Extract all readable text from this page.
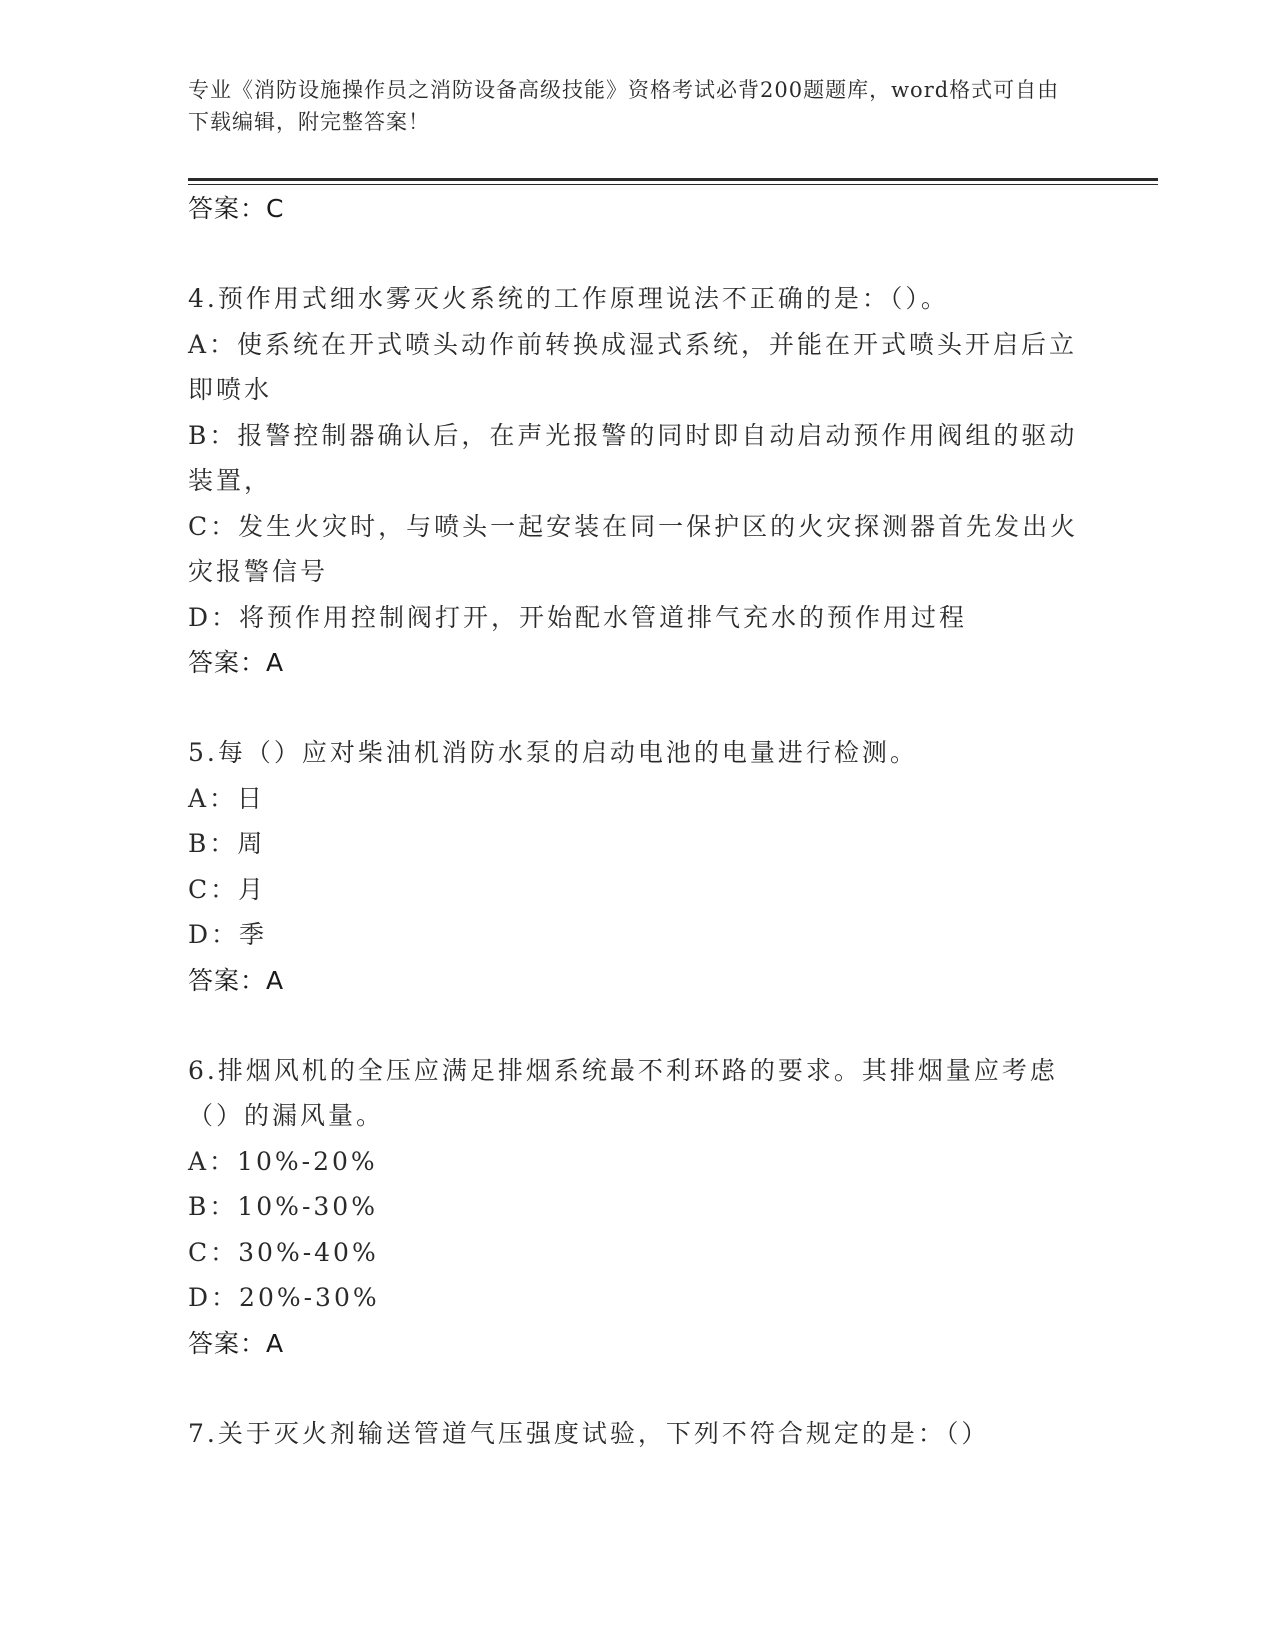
专业《消防设施操作员之消防设备高级技能》资格考试必背200题题库，word格式可自由下载编辑，附完整答案！
答案：C
4.预作用式细水雾灭火系统的工作原理说法不正确的是：（）。
A：使系统在开式喷头动作前转换成湿式系统，并能在开式喷头开启后立即喷水
B：报警控制器确认后，在声光报警的同时即自动启动预作用阀组的驱动装置，
C：发生火灾时，与喷头一起安装在同一保护区的火灾探测器首先发出火灾报警信号
D：将预作用控制阀打开，开始配水管道排气充水的预作用过程
答案：A
5.每（）应对柴油机消防水泵的启动电池的电量进行检测。
A：日
B：周
C：月
D：季
答案：A
6.排烟风机的全压应满足排烟系统最不利环路的要求。其排烟量应考虑（）的漏风量。
A：10%-20%
B：10%-30%
C：30%-40%
D：20%-30%
答案：A
7.关于灭火剂输送管道气压强度试验，下列不符合规定的是：（）
